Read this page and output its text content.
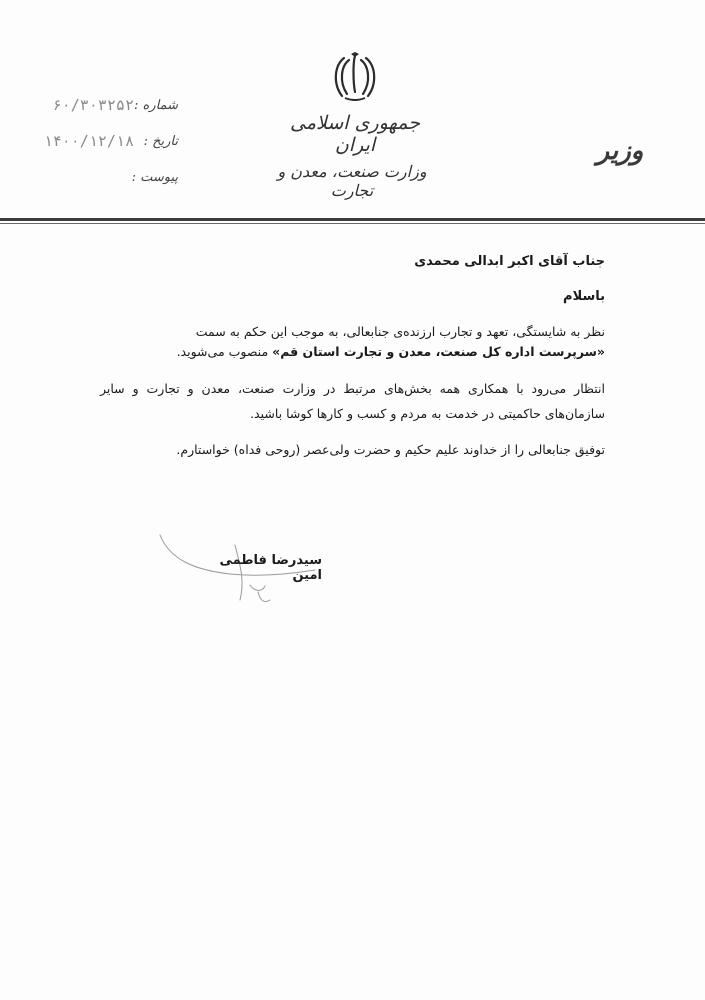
جمهوری اسلامی ایران
وزارت صنعت، معدن و تجارت
وزیر
شماره :
۶۰/۳۰۳۲۵۲
تاریخ :
۱۴۰۰/۱۲/۱۸
پیوست :

جناب آقای اکبر ابدالی محمدی

باسلام

نظر به شایستگی، تعهد و تجارب ارزنده‌ی جنابعالی، به موجب این حکم به سمت
«سرپرست اداره کل صنعت، معدن و تجارت استان قم» منصوب می‌شوید.

انتظار می‌رود با همکاری همه بخش‌های مرتبط در وزارت صنعت، معدن و تجارت و سایر سازمان‌های حاکمیتی در خدمت به مردم و کسب و کارها کوشا باشید.

توفیق جنابعالی را از خداوند علیم حکیم و حضرت ولی‌عصر (روحی فداه) خواستارم.

سیدرضا فاطمی امین
